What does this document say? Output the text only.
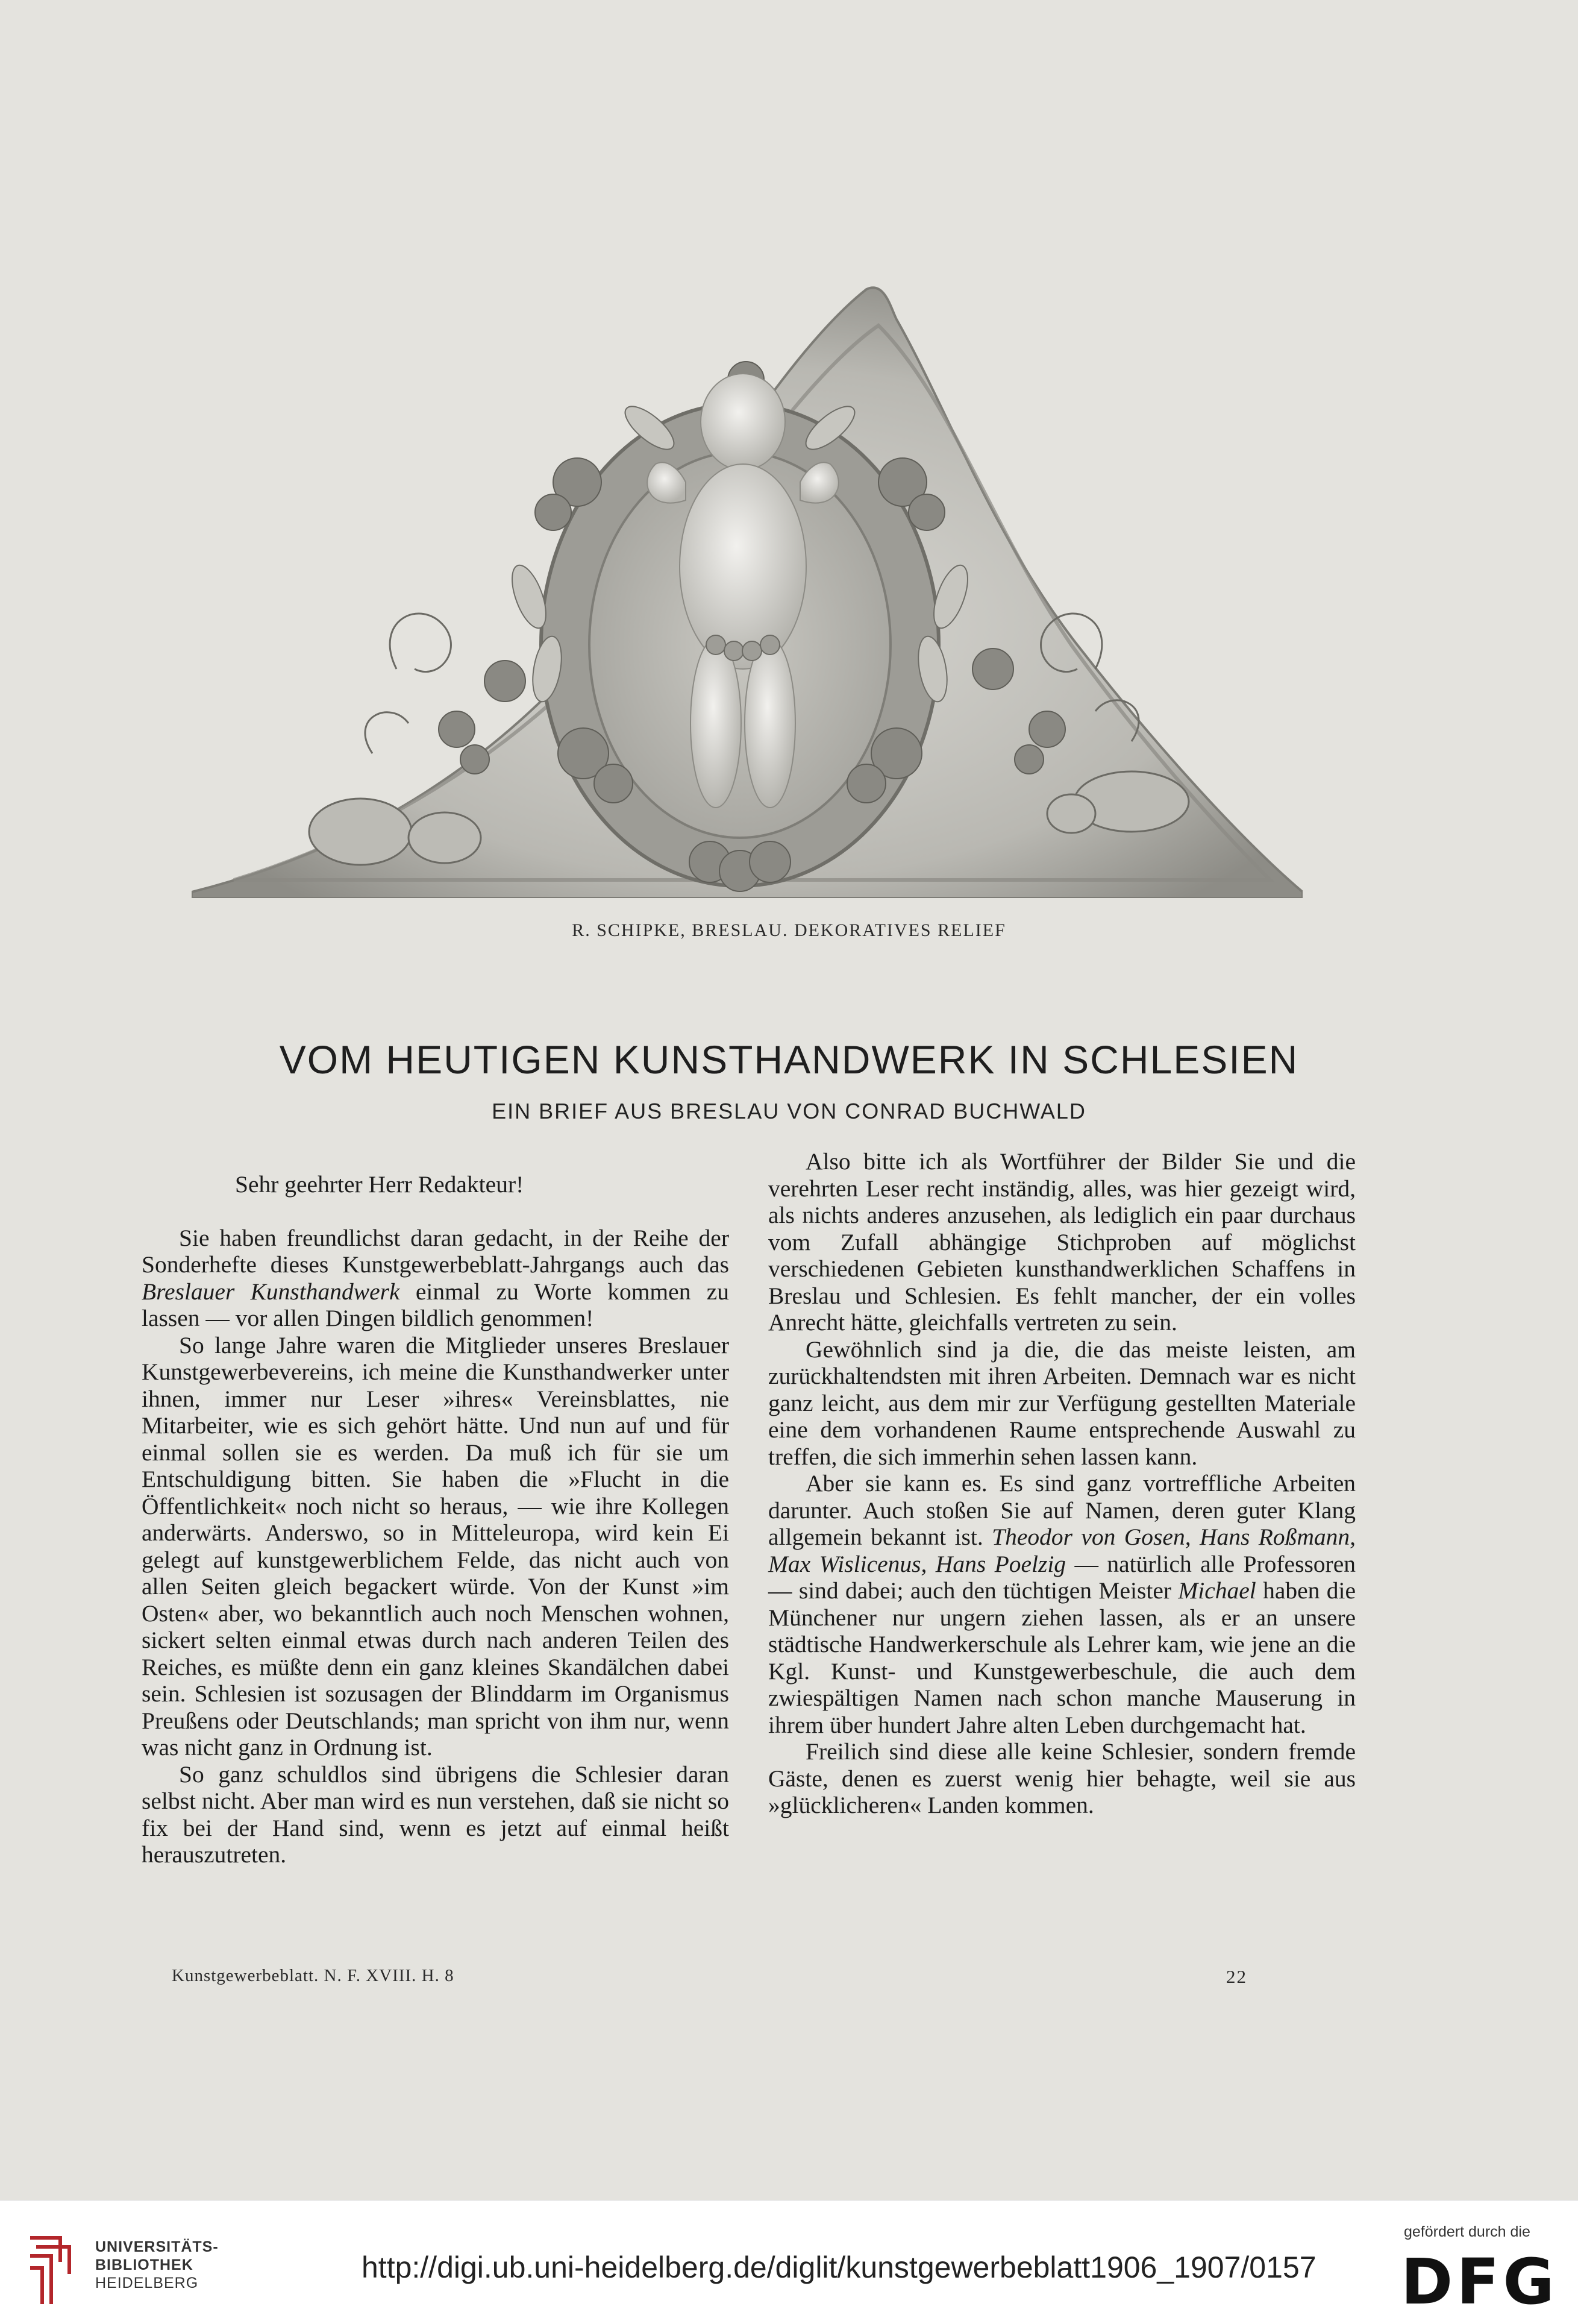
R. SCHIPKE, BRESLAU. DEKORATIVES RELIEF
VOM HEUTIGEN KUNSTHANDWERK IN SCHLESIEN
EIN BRIEF AUS BRESLAU VON CONRAD BUCHWALD

Sehr geehrter Herr Redakteur!

Sie haben freundlichst daran gedacht, in der Reihe der Sonderhefte dieses Kunstgewerbeblatt-Jahrgangs auch das Breslauer Kunsthandwerk einmal zu Worte kommen zu lassen — vor allen Dingen bildlich genommen!

So lange Jahre waren die Mitglieder unseres Breslauer Kunstgewerbevereins, ich meine die Kunsthandwerker unter ihnen, immer nur Leser »ihres« Vereinsblattes, nie Mitarbeiter, wie es sich gehört hätte. Und nun auf und für einmal sollen sie es werden. Da muß ich für sie um Entschuldigung bitten. Sie haben die »Flucht in die Öffentlichkeit« noch nicht so heraus, — wie ihre Kollegen anderwärts. Anderswo, so in Mitteleuropa, wird kein Ei gelegt auf kunstgewerblichem Felde, das nicht auch von allen Seiten gleich begackert würde. Von der Kunst »im Osten« aber, wo bekanntlich auch noch Menschen wohnen, sickert selten einmal etwas durch nach anderen Teilen des Reiches, es müßte denn ein ganz kleines Skandälchen dabei sein. Schlesien ist sozusagen der Blinddarm im Organismus Preußens oder Deutschlands; man spricht von ihm nur, wenn was nicht ganz in Ordnung ist.

So ganz schuldlos sind übrigens die Schlesier daran selbst nicht. Aber man wird es nun verstehen, daß sie nicht so fix bei der Hand sind, wenn es jetzt auf einmal heißt herauszutreten.

Also bitte ich als Wortführer der Bilder Sie und die verehrten Leser recht inständig, alles, was hier gezeigt wird, als nichts anderes anzusehen, als lediglich ein paar durchaus vom Zufall abhängige Stichproben auf möglichst verschiedenen Gebieten kunsthandwerklichen Schaffens in Breslau und Schlesien. Es fehlt mancher, der ein volles Anrecht hätte, gleichfalls vertreten zu sein.

Gewöhnlich sind ja die, die das meiste leisten, am zurückhaltendsten mit ihren Arbeiten. Demnach war es nicht ganz leicht, aus dem mir zur Verfügung gestellten Materiale eine dem vorhandenen Raume entsprechende Auswahl zu treffen, die sich immerhin sehen lassen kann.

Aber sie kann es. Es sind ganz vortreffliche Arbeiten darunter. Auch stoßen Sie auf Namen, deren guter Klang allgemein bekannt ist. Theodor von Gosen, Hans Roßmann, Max Wislicenus, Hans Poelzig — natürlich alle Professoren — sind dabei; auch den tüchtigen Meister Michael haben die Münchener nur ungern ziehen lassen, als er an unsere städtische Handwerkerschule als Lehrer kam, wie jene an die Kgl. Kunst- und Kunstgewerbeschule, die auch dem zwiespältigen Namen nach schon manche Mauserung in ihrem über hundert Jahre alten Leben durchgemacht hat.

Freilich sind diese alle keine Schlesier, sondern fremde Gäste, denen es zuerst wenig hier behagte, weil sie aus »glücklicheren« Landen kommen.

Kunstgewerbeblatt. N. F. XVIII. H. 8	22
UNIVERSITÄTS-
BIBLIOTHEK
HEIDELBERG	http://digi.ub.uni-heidelberg.de/diglit/kunstgewerbeblatt1906_1907/0157
gefördert durch die
DFG
